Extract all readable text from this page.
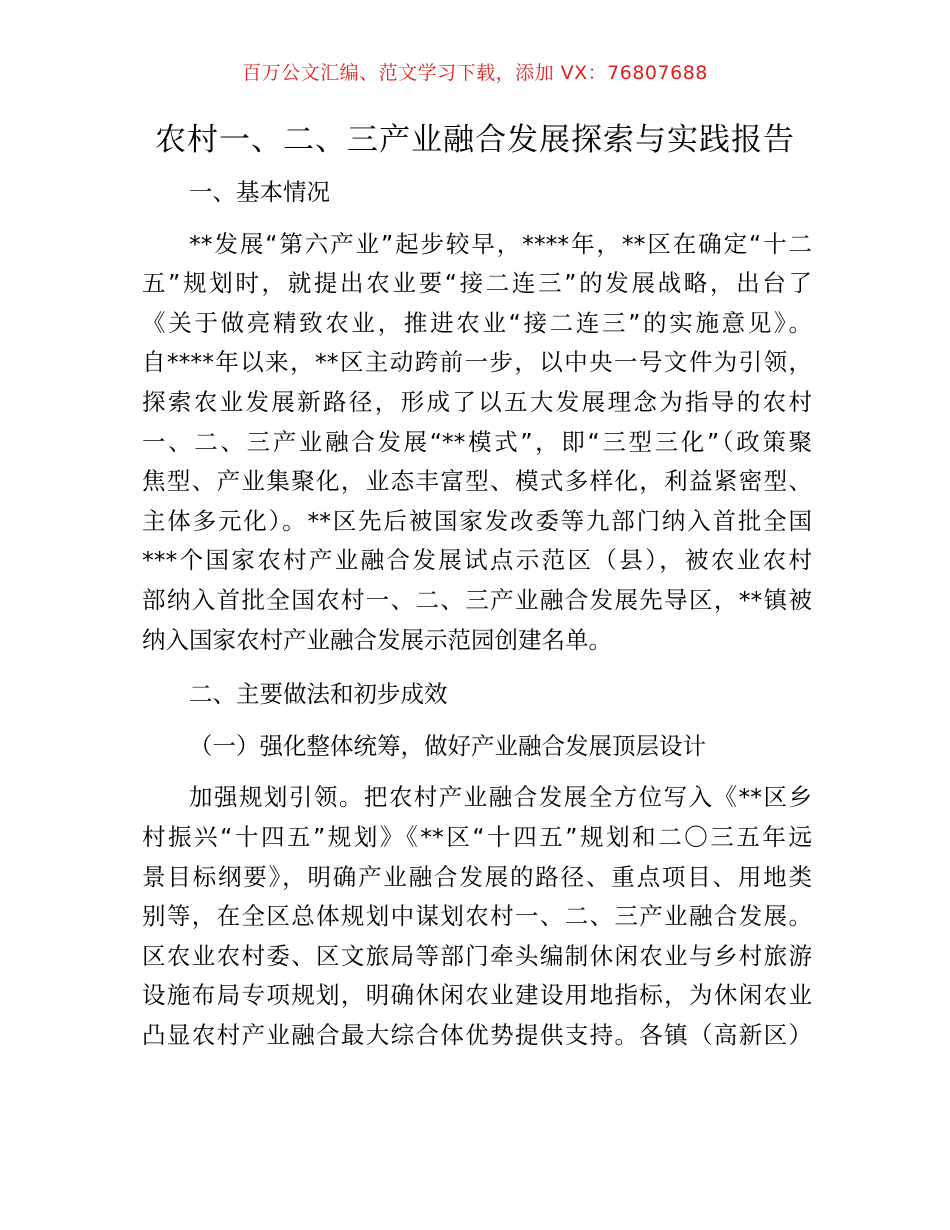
百万公文汇编、范文学习下载，添加 VX：76807688
农村一、二、三产业融合发展探索与实践报告
一、基本情况
**发展“第六产业”起步较早，****年，**区在确定“十二
五”规划时，就提出农业要“接二连三”的发展战略，出台了
《关于做亮精致农业，推进农业“接二连三”的实施意见》。
自****年以来，**区主动跨前一步，以中央一号文件为引领，
探索农业发展新路径，形成了以五大发展理念为指导的农村
一、二、三产业融合发展“**模式”，即“三型三化”（政策聚
焦型、产业集聚化，业态丰富型、模式多样化，利益紧密型、
主体多元化）。**区先后被国家发改委等九部门纳入首批全国
***个国家农村产业融合发展试点示范区（县），被农业农村
部纳入首批全国农村一、二、三产业融合发展先导区，**镇被
纳入国家农村产业融合发展示范园创建名单。
二、主要做法和初步成效
（一）强化整体统筹，做好产业融合发展顶层设计
加强规划引领。把农村产业融合发展全方位写入《**区乡
村振兴“十四五”规划》《**区“十四五”规划和二〇三五年远
景目标纲要》，明确产业融合发展的路径、重点项目、用地类
别等，在全区总体规划中谋划农村一、二、三产业融合发展。
区农业农村委、区文旅局等部门牵头编制休闲农业与乡村旅游
设施布局专项规划，明确休闲农业建设用地指标，为休闲农业
凸显农村产业融合最大综合体优势提供支持。各镇（高新区）
